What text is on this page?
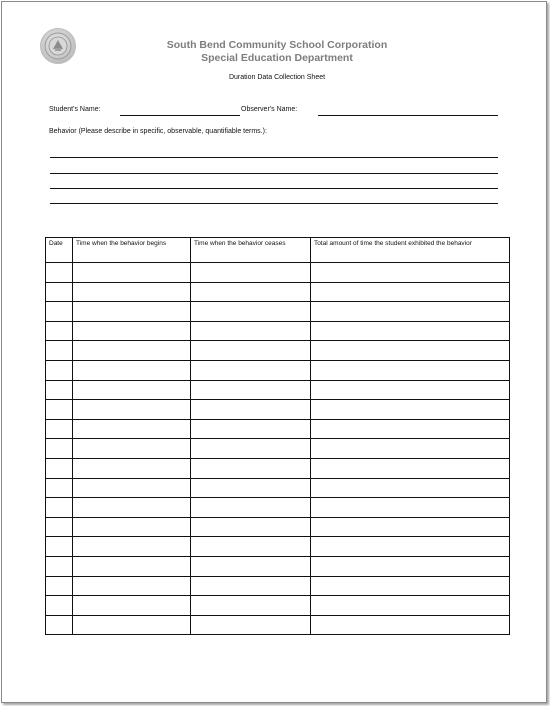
South Bend Community School Corporation
Special Education Department
Duration Data Collection Sheet
Student's Name:	Observer's Name:
Behavior (Please describe in specific, observable, quantifiable terms.):
Date	Time when the behavior begins	Time when the behavior ceases	Total amount of time the student exhibited the behavior
